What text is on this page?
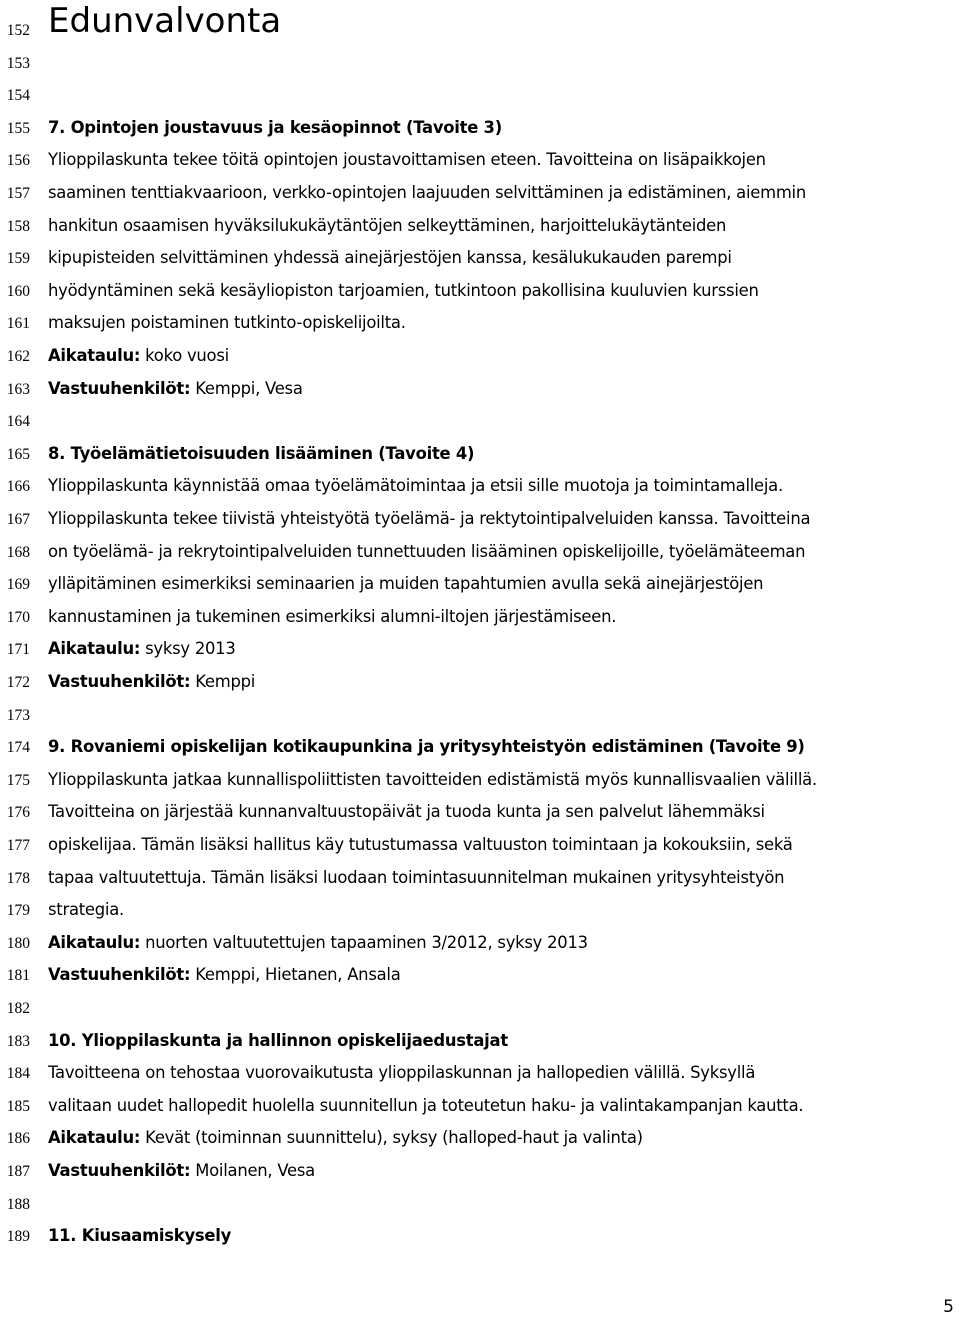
Edunvalvonta
152
153
154
155 7. Opintojen joustavuus ja kesäopinnot (Tavoite 3)
156 Ylioppilaskunta tekee töitä opintojen joustavoittamisen eteen. Tavoitteina on lisäpaikkojen
157 saaminen tenttiakvaarioon, verkko-opintojen laajuuden selvittäminen ja edistäminen, aiemmin
158 hankitun osaamisen hyväksilukukäytäntöjen selkeyttäminen, harjoittelukäytänteiden
159 kipupisteiden selvittäminen yhdessä ainejärjestöjen kanssa, kesälukukauden parempi
160 hyödyntäminen sekä kesäyliopiston tarjoamien, tutkintoon pakollisina kuuluvien kurssien
161 maksujen poistaminen tutkinto-opiskelijoilta.
162 Aikataulu: koko vuosi
163 Vastuuhenkilöt: Kemppi, Vesa
164
165 8. Työelämätietoisuuden lisääminen (Tavoite 4)
166 Ylioppilaskunta käynnistää omaa työelämätoimintaa ja etsii sille muotoja ja toimintamalleja.
167 Ylioppilaskunta tekee tiivistä yhteistyötä työelämä- ja rektytointipalveluiden kanssa. Tavoitteina
168 on työelämä- ja rekrytointipalveluiden tunnettuuden lisääminen opiskelijoille, työelämäteeman
169 ylläpitäminen esimerkiksi seminaarien ja muiden tapahtumien avulla sekä ainejärjestöjen
170 kannustaminen ja tukeminen esimerkiksi alumni-iltojen järjestämiseen.
171 Aikataulu: syksy 2013
172 Vastuuhenkilöt: Kemppi
173
174 9. Rovaniemi opiskelijan kotikaupunkina ja yritysyhteistyön edistäminen (Tavoite 9)
175 Ylioppilaskunta jatkaa kunnallispoliittisten tavoitteiden edistämistä myös kunnallisvaalien välillä.
176 Tavoitteina on järjestää kunnanvaltuustopäivät ja tuoda kunta ja sen palvelut lähemmäksi
177 opiskelijaa. Tämän lisäksi hallitus käy tutustumassa valtuuston toimintaan ja kokouksiin, sekä
178 tapaa valtuutettuja. Tämän lisäksi luodaan toimintasuunnitelman mukainen yritysyhteistyön
179 strategia.
180 Aikataulu: nuorten valtuutettujen tapaaminen 3/2012, syksy 2013
181 Vastuuhenkilöt: Kemppi, Hietanen, Ansala
182
183 10. Ylioppilaskunta ja hallinnon opiskelijaedustajat
184 Tavoitteena on tehostaa vuorovaikutusta ylioppilaskunnan ja hallopedien välillä. Syksyllä
185 valitaan uudet hallopedit huolella suunnitellun ja toteutetun haku- ja valintakampanjan kautta.
186 Aikataulu: Kevät (toiminnan suunnittelu), syksy (halloped-haut ja valinta)
187 Vastuuhenkilöt: Moilanen, Vesa
188
189 11. Kiusaamiskysely
5
